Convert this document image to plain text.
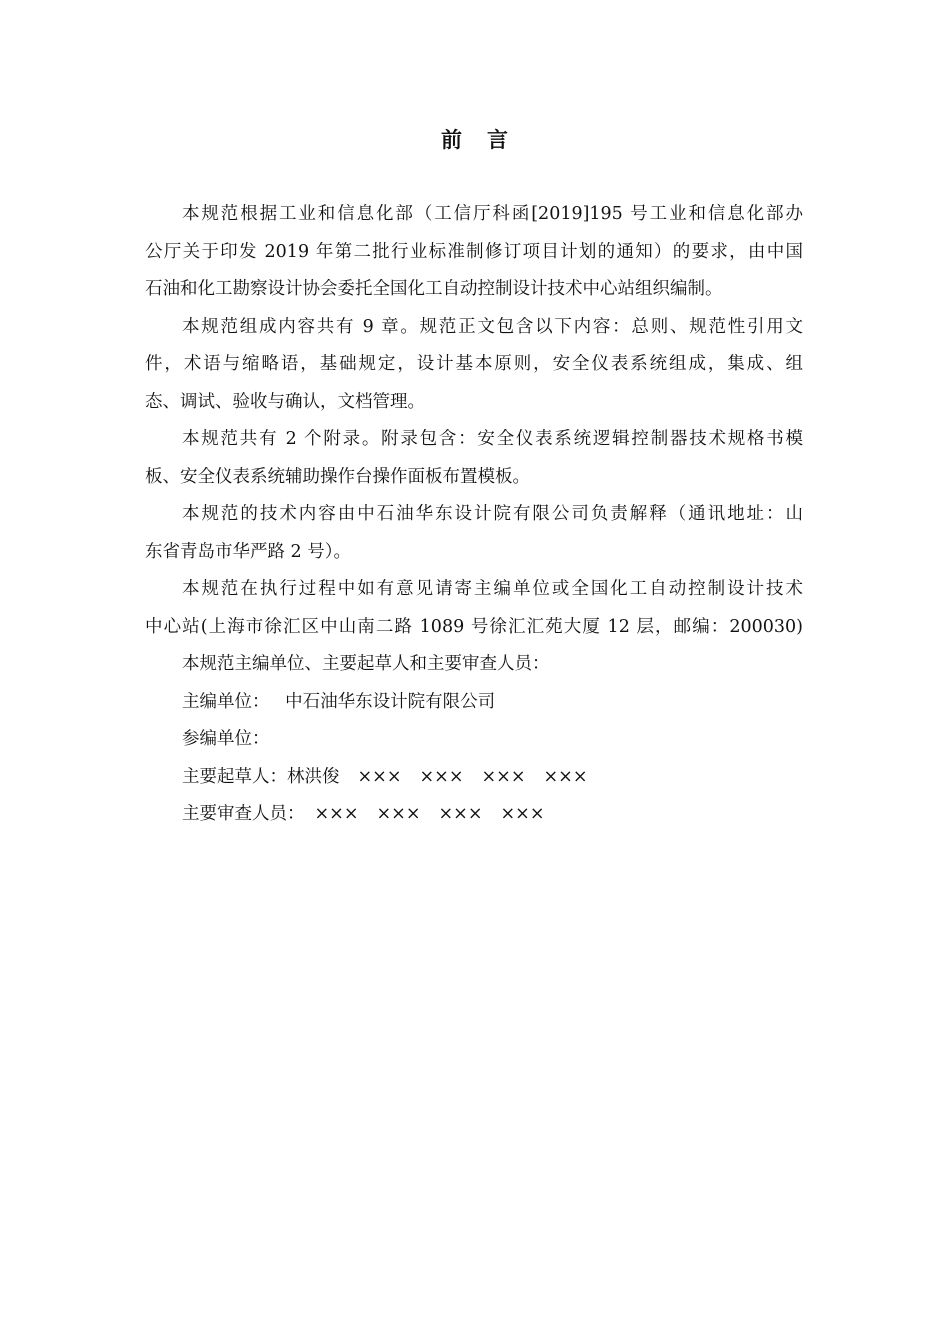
前 言
本规范根据工业和信息化部（工信厅科函[2019]195 号工业和信息化部办
公厅关于印发 2019 年第二批行业标准制修订项目计划的通知）的要求，由中国
石油和化工勘察设计协会委托全国化工自动控制设计技术中心站组织编制。
本规范组成内容共有 9 章。规范正文包含以下内容：总则、规范性引用文
件，术语与缩略语，基础规定，设计基本原则，安全仪表系统组成，集成、组
态、调试、验收与确认，文档管理。
本规范共有 2 个附录。附录包含：安全仪表系统逻辑控制器技术规格书模
板、安全仪表系统辅助操作台操作面板布置模板。
本规范的技术内容由中石油华东设计院有限公司负责解释（通讯地址：山
东省青岛市华严路 2 号）。
本规范在执行过程中如有意见请寄主编单位或全国化工自动控制设计技术
中心站(上海市徐汇区中山南二路 1089 号徐汇汇苑大厦 12 层，邮编：200030)
本规范主编单位、主要起草人和主要审查人员：
主编单位： 中石油华东设计院有限公司
参编单位：
主要起草人：林洪俊 ××× ××× ××× ×××
主要审查人员： ××× ××× ××× ×××
